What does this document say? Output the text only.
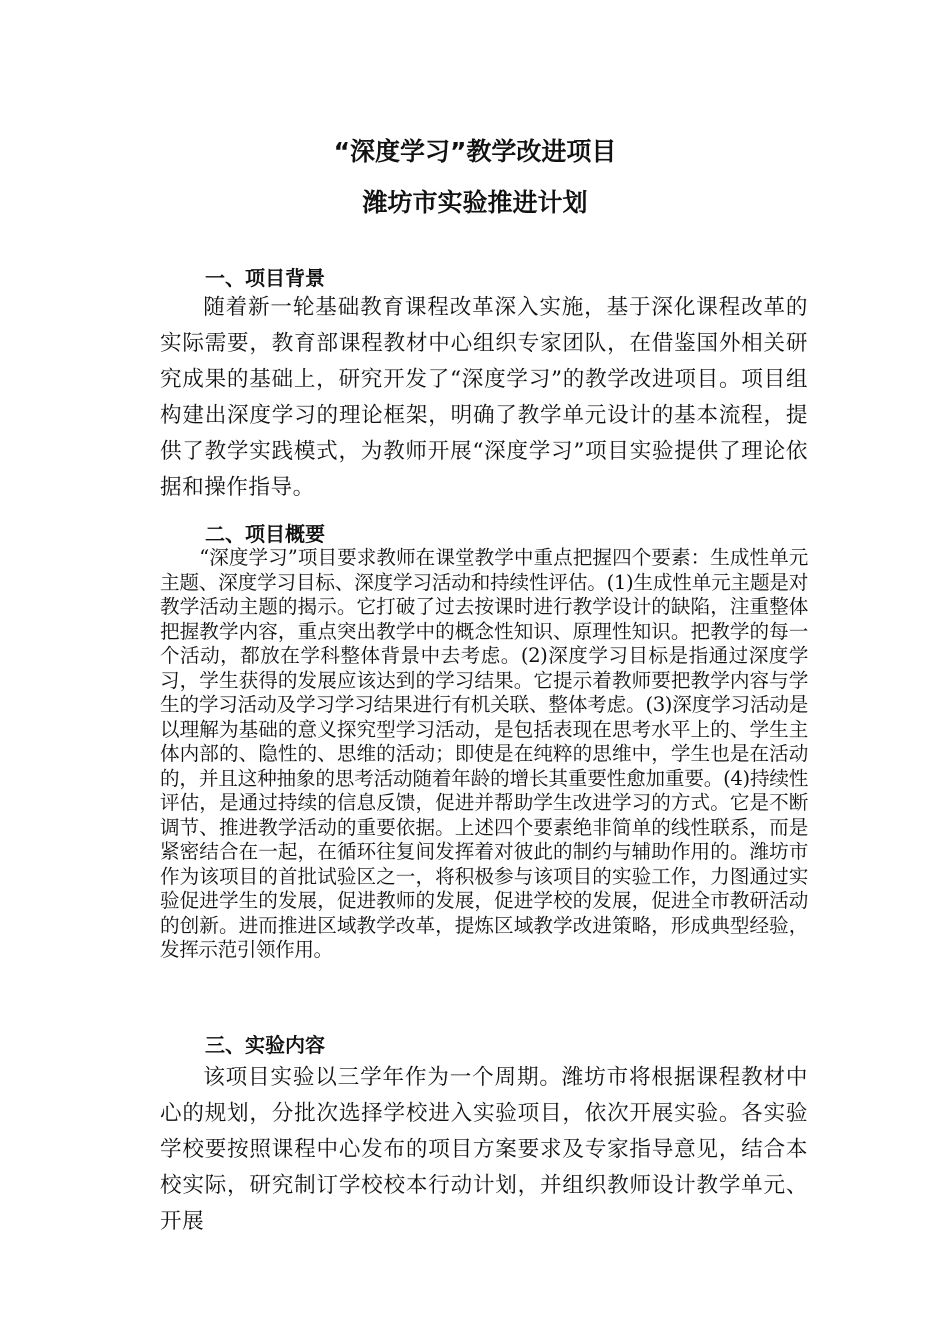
“深度学习”教学改进项目
潍坊市实验推进计划
一、项目背景

随着新一轮基础教育课程改革深入实施，基于深化课程改革的实际需要，教育部课程教材中心组织专家团队，在借鉴国外相关研究成果的基础上，研究开发了“深度学习”的教学改进项目。项目组构建出深度学习的理论框架，明确了教学单元设计的基本流程，提供了教学实践模式，为教师开展“深度学习”项目实验提供了理论依据和操作指导。

二、项目概要

“深度学习”项目要求教师在课堂教学中重点把握四个要素：生成性单元主题、深度学习目标、深度学习活动和持续性评估。(1)生成性单元主题是对教学活动主题的揭示。它打破了过去按课时进行教学设计的缺陷，注重整体把握教学内容，重点突出教学中的概念性知识、原理性知识。把教学的每一个活动，都放在学科整体背景中去考虑。(2)深度学习目标是指通过深度学习，学生获得的发展应该达到的学习结果。它提示着教师要把教学内容与学生的学习活动及学习学习结果进行有机关联、整体考虑。(3)深度学习活动是以理解为基础的意义探究型学习活动，是包括表现在思考水平上的、学生主体内部的、隐性的、思维的活动；即使是在纯粹的思维中，学生也是在活动的，并且这种抽象的思考活动随着年龄的增长其重要性愈加重要。(4)持续性评估，是通过持续的信息反馈，促进并帮助学生改进学习的方式。它是不断调节、推进教学活动的重要依据。上述四个要素绝非简单的线性联系，而是紧密结合在一起，在循环往复间发挥着对彼此的制约与辅助作用的。潍坊市作为该项目的首批试验区之一，将积极参与该项目的实验工作，力图通过实验促进学生的发展，促进教师的发展，促进学校的发展，促进全市教研活动的创新。进而推进区域教学改革，提炼区域教学改进策略，形成典型经验，发挥示范引领作用。

三、实验内容

该项目实验以三学年作为一个周期。潍坊市将根据课程教材中心的规划，分批次选择学校进入实验项目，依次开展实验。各实验学校要按照课程中心发布的项目方案要求及专家指导意见，结合本校实际，研究制订学校校本行动计划，并组织教师设计教学单元、开展
